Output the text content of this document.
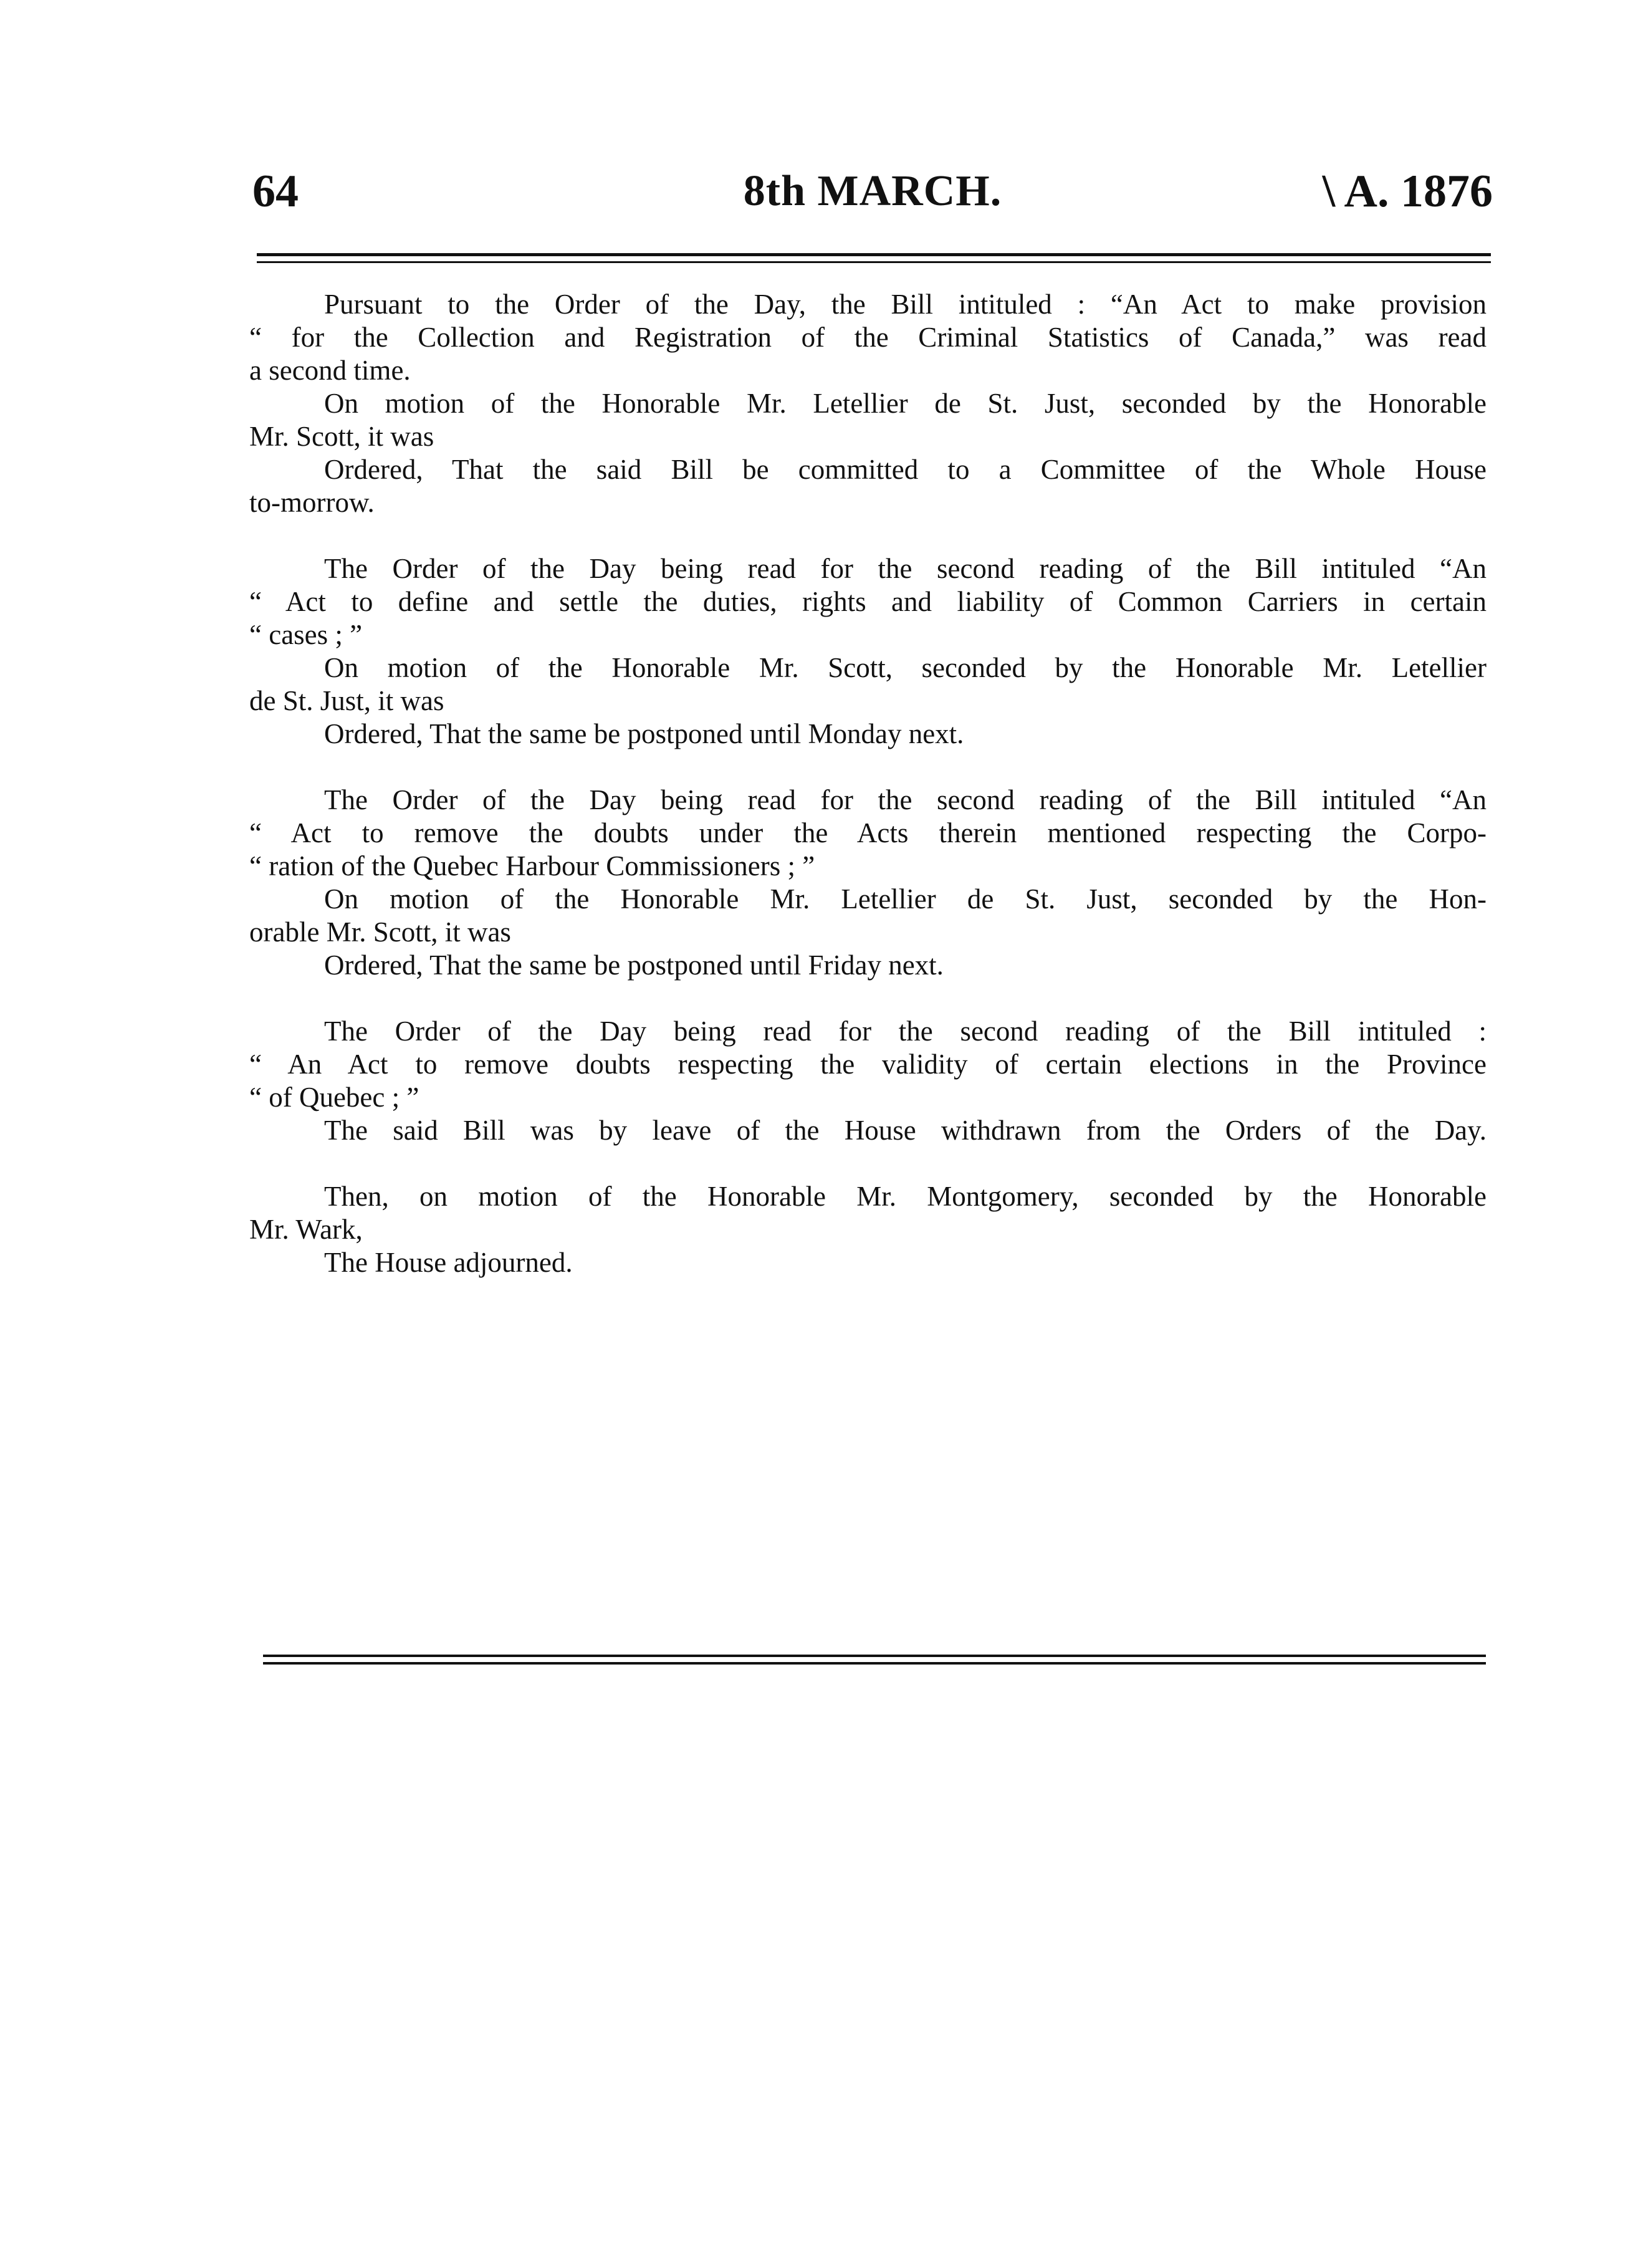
64	8th MARCH.	\ A. 1876
Pursuant to the Order of the Day, the Bill intituled : “An Act to make provision
“ for the Collection and Registration of the Criminal Statistics of Canada,” was read
a second time.
On motion of the Honorable Mr. Letellier de St. Just, seconded by the Honorable
Mr. Scott, it was
Ordered, That the said Bill be committed to a Committee of the Whole House
to-morrow.
The Order of the Day being read for the second reading of the Bill intituled “An
“ Act to define and settle the duties, rights and liability of Common Carriers in certain
“ cases ; ”
On motion of the Honorable Mr. Scott, seconded by the Honorable Mr. Letellier
de St. Just, it was
Ordered, That the same be postponed until Monday next.
The Order of the Day being read for the second reading of the Bill intituled “An
“ Act to remove the doubts under the Acts therein mentioned respecting the Corpo-
“ ration of the Quebec Harbour Commissioners ; ”
On motion of the Honorable Mr. Letellier de St. Just, seconded by the Hon-
orable Mr. Scott, it was
Ordered, That the same be postponed until Friday next.
The Order of the Day being read for the second reading of the Bill intituled :
“ An Act to remove doubts respecting the validity of certain elections in the Province
“ of Quebec ; ”
The said Bill was by leave of the House withdrawn from the Orders of the Day.
Then, on motion of the Honorable Mr. Montgomery, seconded by the Honorable
Mr. Wark,
The House adjourned.
